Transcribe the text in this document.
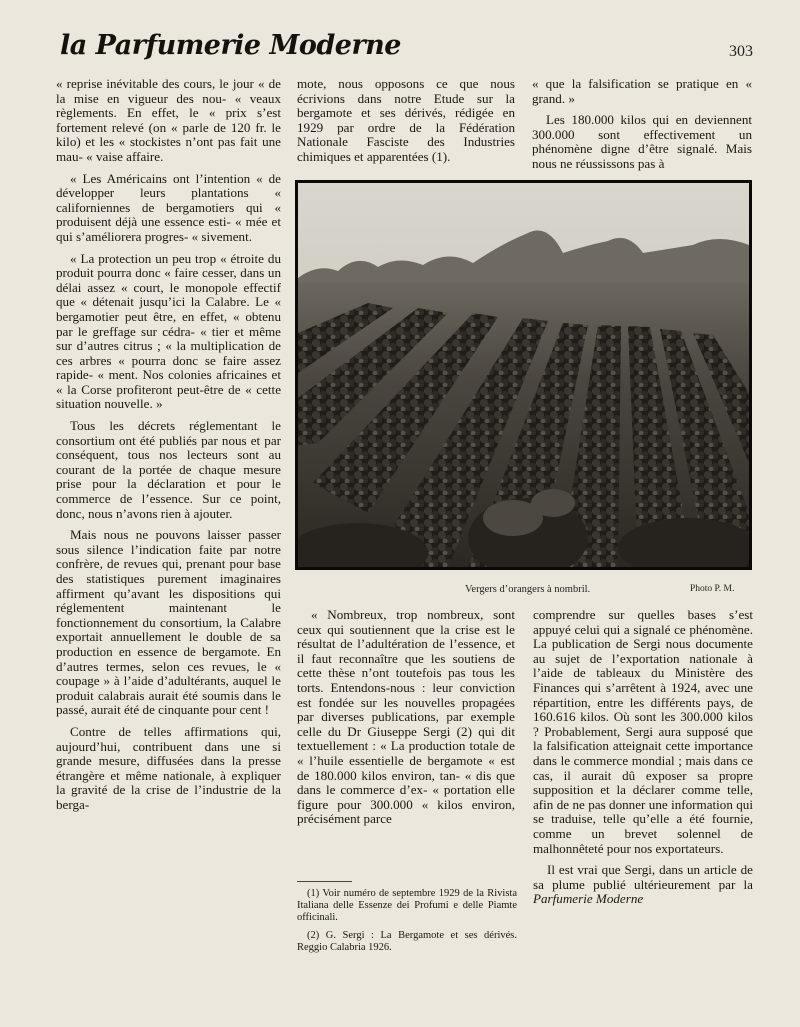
la Parfumerie Moderne	303

« reprise inévitable des cours, le jour « de la mise en vigueur des nou- « veaux règlements. En effet, le « prix s’est fortement relevé (on « parle de 120 fr. le kilo) et les « stockistes n’ont pas fait une mau- « vaise affaire.

« Les Américains ont l’intention « de développer leurs plantations « californiennes de bergamotiers qui « produisent déjà une essence esti- « mée et qui s’améliorera progres- « sivement.

« La protection un peu trop « étroite du produit pourra donc « faire cesser, dans un délai assez « court, le monopole effectif que « détenait jusqu’ici la Calabre. Le « bergamotier peut être, en effet, « obtenu par le greffage sur cédra- « tier et même sur d’autres citrus ; « la multiplication de ces arbres « pourra donc se faire assez rapide- « ment. Nos colonies africaines et « la Corse profiteront peut-être de « cette situation nouvelle. »

Tous les décrets réglementant le consortium ont été publiés par nous et par conséquent, tous nos lecteurs sont au courant de la portée de chaque mesure prise pour la déclaration et pour le commerce de l’essence. Sur ce point, donc, nous n’avons rien à ajouter.

Mais nous ne pouvons laisser passer sous silence l’indication faite par notre confrère, de revues qui, prenant pour base des statistiques purement imaginaires affirment qu’avant les dispositions qui réglementent maintenant le fonctionnement du consortium, la Calabre exportait annuellement le double de sa production en essence de bergamote. En d’autres termes, selon ces revues, le « coupage » à l’aide d’adultérants, auquel le produit calabrais aurait été soumis dans le passé, aurait été de cinquante pour cent !

Contre de telles affirmations qui, aujourd’hui, contribuent dans une si grande mesure, diffusées dans la presse étrangère et même nationale, à expliquer la gravité de la crise de l’industrie de la berga-

mote, nous opposons ce que nous écrivions dans notre Etude sur la bergamote et ses dérivés, rédigée en 1929 par ordre de la Fédération Nationale Fasciste des Industries chimiques et apparentées (1).

« que la falsification se pratique en « grand. »

Les 180.000 kilos qui en deviennent 300.000 sont effectivement un phénomène digne d’être signalé. Mais nous ne réussissons pas à

Vergers d’orangers à nombril.	Photo P. M.

« Nombreux, trop nombreux, sont ceux qui soutiennent que la crise est le résultat de l’adultération de l’essence, et il faut reconnaître que les soutiens de cette thèse n’ont toutefois pas tous les torts. Entendons-nous : leur conviction est fondée sur les nouvelles propagées par diverses publications, par exemple celle du Dr Giuseppe Sergi (2) qui dit textuellement : « La production totale de « l’huile essentielle de bergamote « est de 180.000 kilos environ, tan- « dis que dans le commerce d’ex- « portation elle figure pour 300.000 « kilos environ, précisément parce

(1) Voir numéro de septembre 1929 de la Rivista Italiana delle Essenze dei Profumi e delle Piamte officinali.

(2) G. Sergi : La Bergamote et ses dérivés. Reggio Calabria 1926.

comprendre sur quelles bases s’est appuyé celui qui a signalé ce phénomène. La publication de Sergi nous documente au sujet de l’exportation nationale à l’aide de tableaux du Ministère des Finances qui s’arrêtent à 1924, avec une répartition, entre les différents pays, de 160.616 kilos. Où sont les 300.000 kilos ? Probablement, Sergi aura supposé que la falsification atteignait cette importance dans le commerce mondial ; mais dans ce cas, il aurait dû exposer sa propre supposition et la déclarer comme telle, afin de ne pas donner une information qui se traduise, telle qu’elle a été fournie, comme un brevet solennel de malhonnêteté pour nos exportateurs.

Il est vrai que Sergi, dans un article de sa plume publié ultérieurement par la Parfumerie Moderne
